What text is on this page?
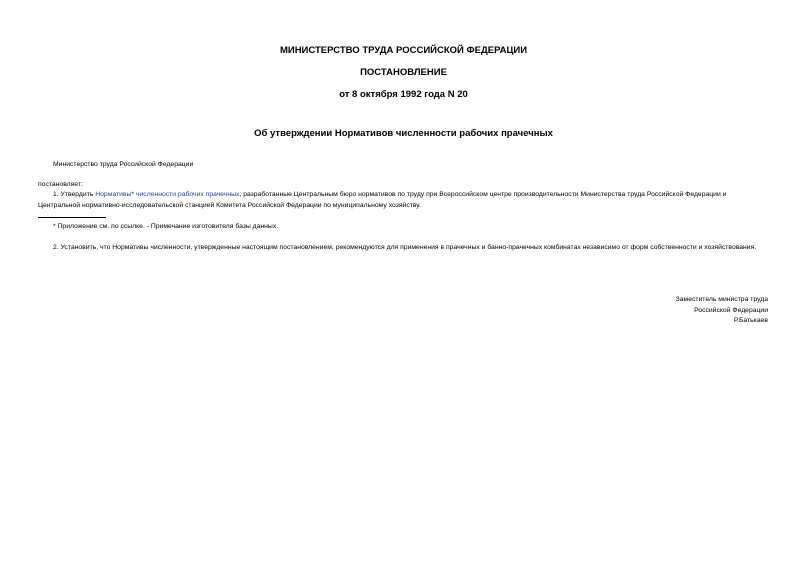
МИНИСТЕРСТВО ТРУДА РОССИЙСКОЙ ФЕДЕРАЦИИ
ПОСТАНОВЛЕНИЕ
от 8 октября 1992 года N 20
Об утверждении Нормативов численности рабочих прачечных
Министерство труда Российской Федерации
постановляет:
1. Утвердить Нормативы* численности рабочих прачечных, разработанные Центральным бюро нормативов по труду при Всероссийском центре производительности Министерства труда Российской Федерации и
Центральной нормативно-исследовательской станцией Комитета Российской Федерации по муниципальному хозяйству.
* Приложение см. по ссылке. - Примечание изготовителя базы данных.
2. Установить, что Нормативы численности, утвержденные настоящим постановлением, рекомендуются для применения в прачечных и банно-прачечных комбинатах независимо от форм собственности и хозяйствования.
Заместитель министра труда
Российской Федерации
Р.Батькаев
